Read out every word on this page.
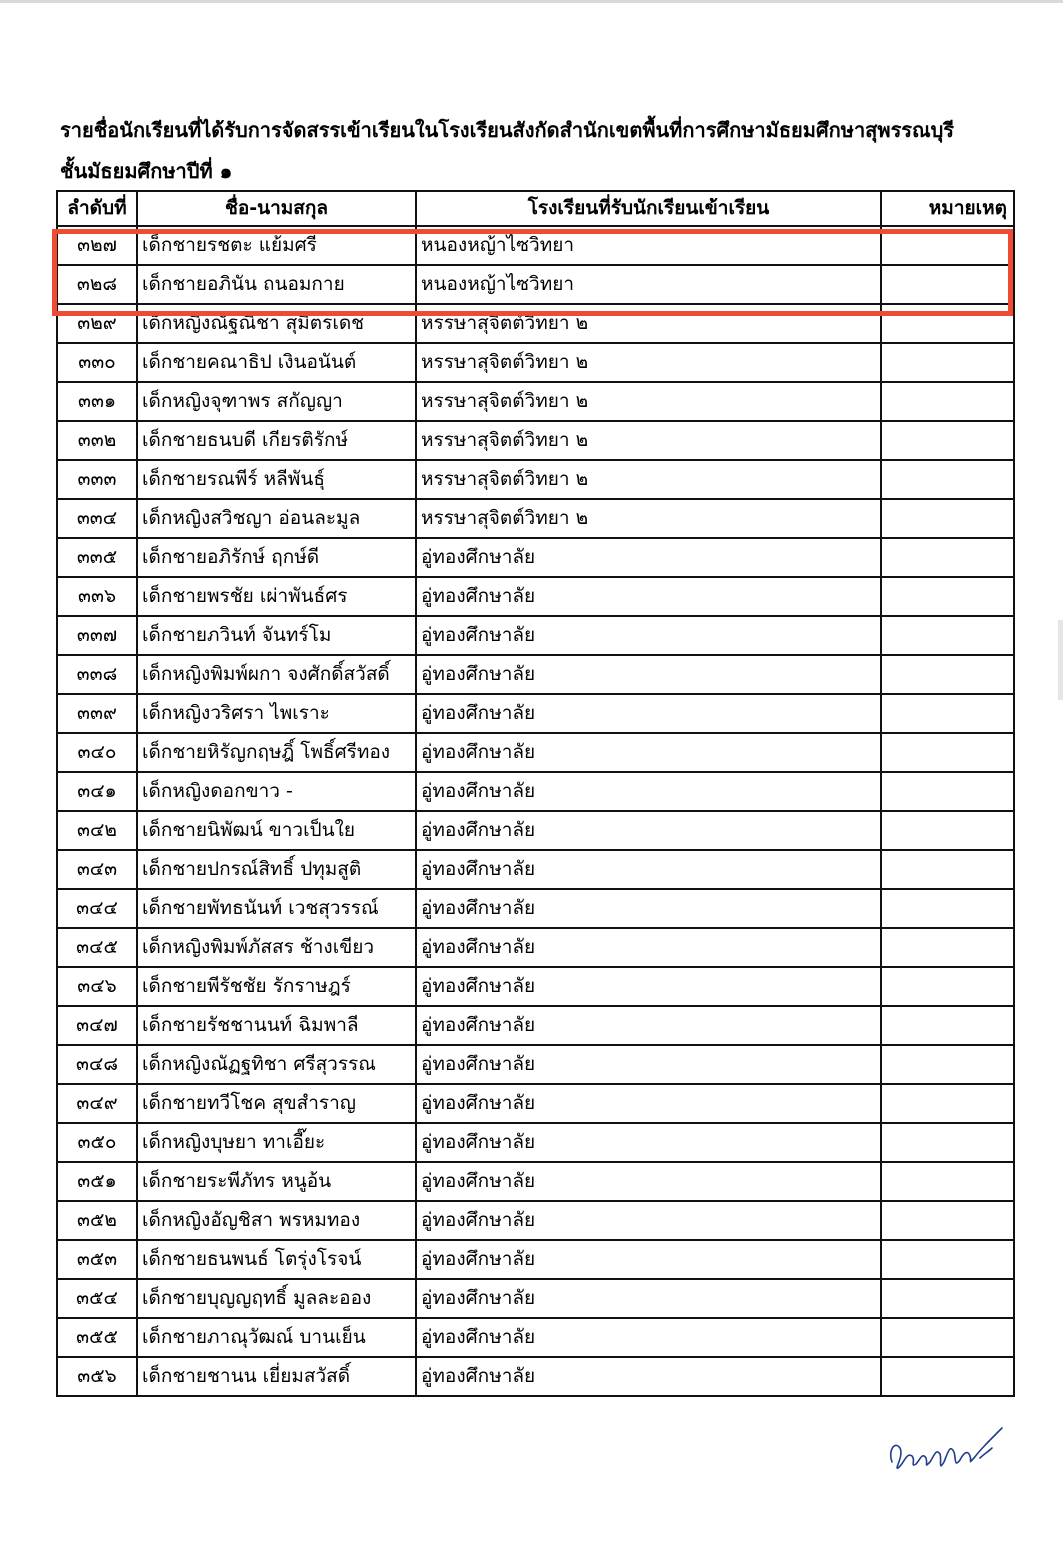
รายชื่อนักเรียนที่ได้รับการจัดสรรเข้าเรียนในโรงเรียนสังกัดสำนักเขตพื้นที่การศึกษามัธยมศึกษาสุพรรณบุรี
ชั้นมัธยมศึกษาปีที่ ๑
ลำดับที่	ชื่อ-นามสกุล	โรงเรียนที่รับนักเรียนเข้าเรียน	หมายเหตุ
๓๒๗	เด็กชายรชตะ แย้มศรี	หนองหญ้าไซวิทยา	
๓๒๘	เด็กชายอภินัน ถนอมกาย	หนองหญ้าไซวิทยา	
๓๒๙	เด็กหญิงณัฐณิชา สุมิตรเดช	หรรษาสุจิตต์วิทยา ๒	
๓๓๐	เด็กชายคณาธิป เงินอนันต์	หรรษาสุจิตต์วิทยา ๒	
๓๓๑	เด็กหญิงจุฑาพร สกัญญา	หรรษาสุจิตต์วิทยา ๒	
๓๓๒	เด็กชายธนบดี เกียรติรักษ์	หรรษาสุจิตต์วิทยา ๒	
๓๓๓	เด็กชายรณพีร์ หลีพันธุ์	หรรษาสุจิตต์วิทยา ๒	
๓๓๔	เด็กหญิงสวิชญา อ่อนละมูล	หรรษาสุจิตต์วิทยา ๒	
๓๓๕	เด็กชายอภิรักษ์ ฤกษ์ดี	อู่ทองศึกษาลัย	
๓๓๖	เด็กชายพรชัย เผ่าพันธ์ศร	อู่ทองศึกษาลัย	
๓๓๗	เด็กชายภวินท์ จันทร์โม	อู่ทองศึกษาลัย	
๓๓๘	เด็กหญิงพิมพ์ผกา จงศักดิ์สวัสดิ์	อู่ทองศึกษาลัย	
๓๓๙	เด็กหญิงวริศรา ไพเราะ	อู่ทองศึกษาลัย	
๓๔๐	เด็กชายหิรัญกฤษฎิ์ โพธิ์ศรีทอง	อู่ทองศึกษาลัย	
๓๔๑	เด็กหญิงดอกขาว -	อู่ทองศึกษาลัย	
๓๔๒	เด็กชายนิพัฒน์ ขาวเป็นใย	อู่ทองศึกษาลัย	
๓๔๓	เด็กชายปกรณ์สิทธิ์ ปทุมสูติ	อู่ทองศึกษาลัย	
๓๔๔	เด็กชายพัทธนันท์ เวชสุวรรณ์	อู่ทองศึกษาลัย	
๓๔๕	เด็กหญิงพิมพ์ภัสสร ช้างเขียว	อู่ทองศึกษาลัย	
๓๔๖	เด็กชายพีรัชชัย รักราษฎร์	อู่ทองศึกษาลัย	
๓๔๗	เด็กชายรัชชานนท์ ฉิมพาลี	อู่ทองศึกษาลัย	
๓๔๘	เด็กหญิงณัฏฐทิชา ศรีสุวรรณ	อู่ทองศึกษาลัย	
๓๔๙	เด็กชายทวีโชค สุขสำราญ	อู่ทองศึกษาลัย	
๓๕๐	เด็กหญิงบุษยา ทาเอี๊ยะ	อู่ทองศึกษาลัย	
๓๕๑	เด็กชายระพีภัทร หนูอ้น	อู่ทองศึกษาลัย	
๓๕๒	เด็กหญิงอัญชิสา พรหมทอง	อู่ทองศึกษาลัย	
๓๕๓	เด็กชายธนพนธ์ โตรุ่งโรจน์	อู่ทองศึกษาลัย	
๓๕๔	เด็กชายบุญญฤทธิ์ มูลละออง	อู่ทองศึกษาลัย	
๓๕๕	เด็กชายภาณุวัฒณ์ บานเย็น	อู่ทองศึกษาลัย	
๓๕๖	เด็กชายชานน เยี่ยมสวัสดิ์	อู่ทองศึกษาลัย	
